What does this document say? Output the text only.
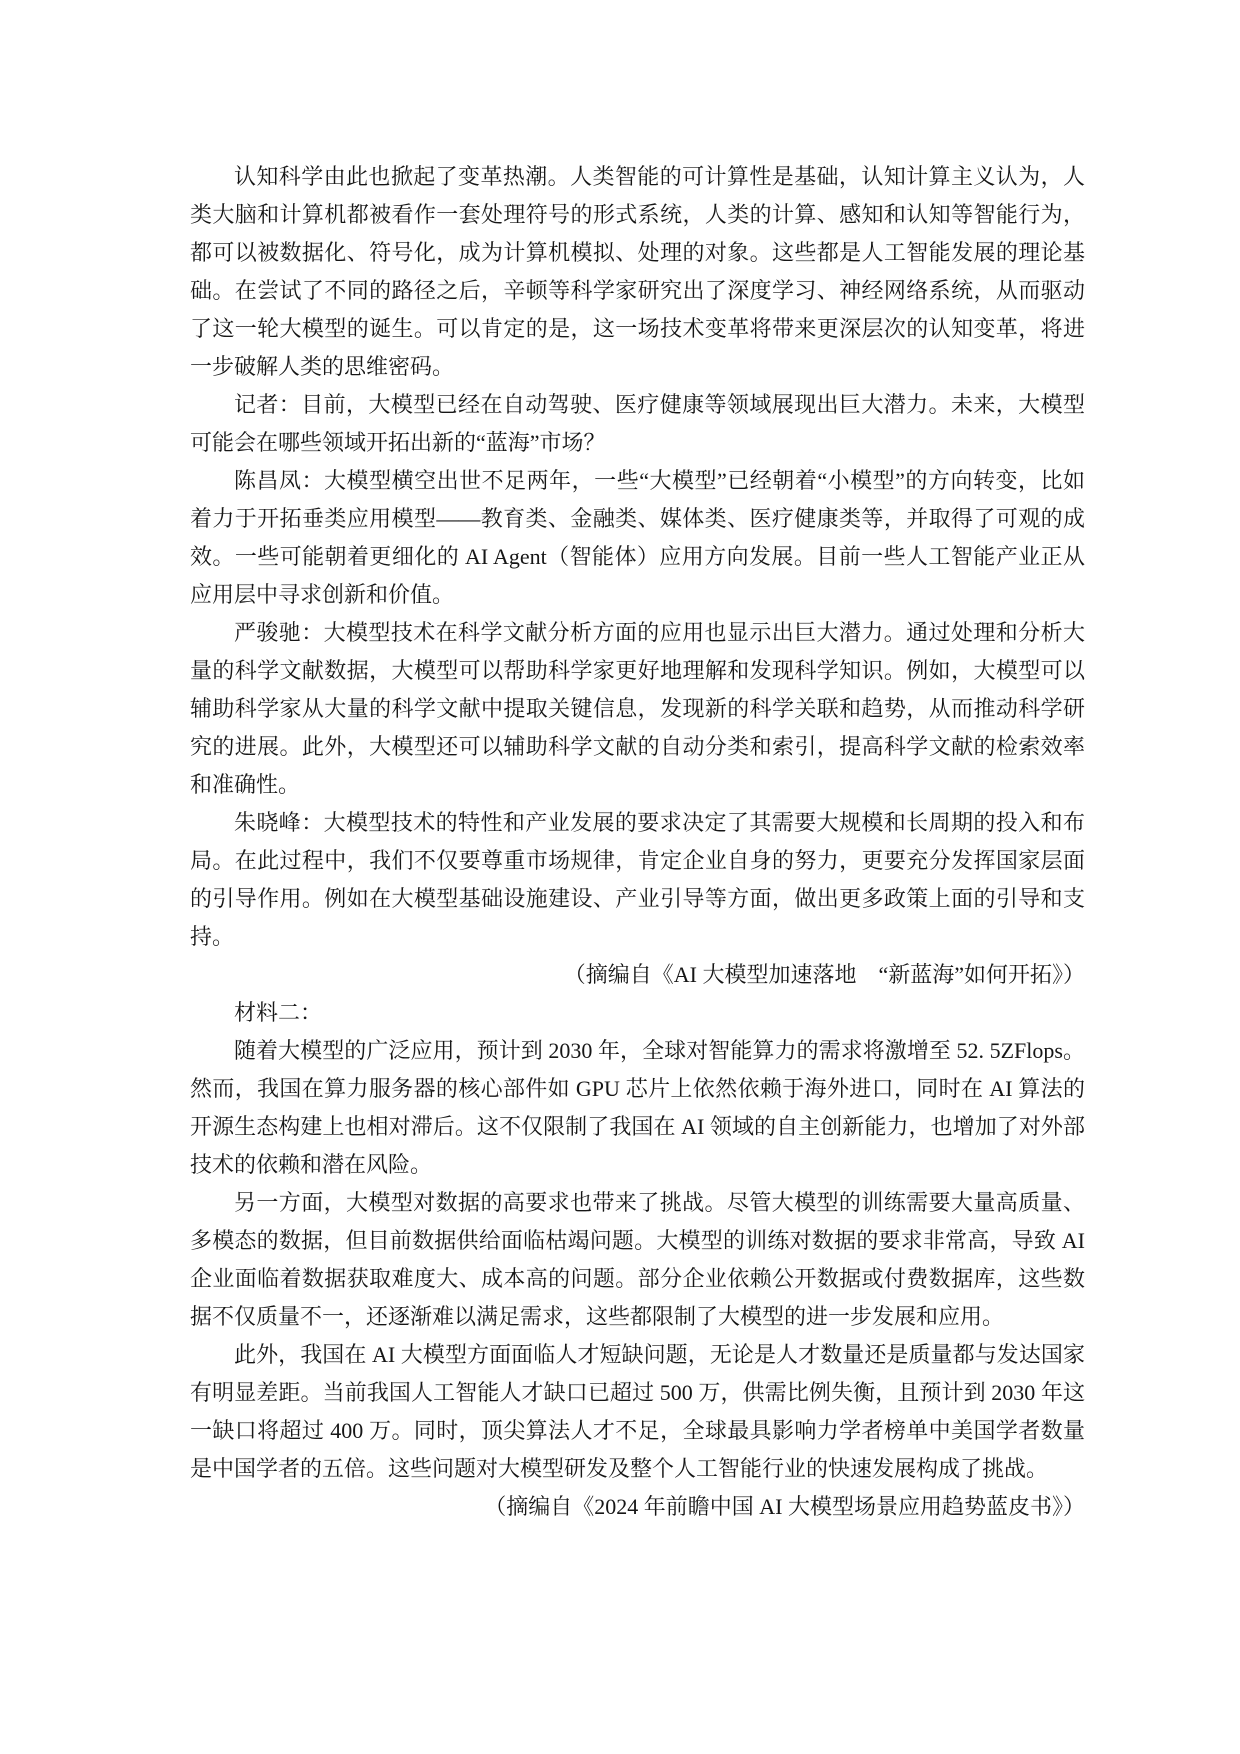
认知科学由此也掀起了变革热潮。人类智能的可计算性是基础，认知计算主义认为，人类大脑和计算机都被看作一套处理符号的形式系统，人类的计算、感知和认知等智能行为，都可以被数据化、符号化，成为计算机模拟、处理的对象。这些都是人工智能发展的理论基础。在尝试了不同的路径之后，辛顿等科学家研究出了深度学习、神经网络系统，从而驱动了这一轮大模型的诞生。可以肯定的是，这一场技术变革将带来更深层次的认知变革，将进一步破解人类的思维密码。

记者：目前，大模型已经在自动驾驶、医疗健康等领域展现出巨大潜力。未来，大模型可能会在哪些领域开拓出新的“蓝海”市场？

陈昌凤：大模型横空出世不足两年，一些“大模型”已经朝着“小模型”的方向转变，比如着力于开拓垂类应用模型——教育类、金融类、媒体类、医疗健康类等，并取得了可观的成效。一些可能朝着更细化的 AI Agent（智能体）应用方向发展。目前一些人工智能产业正从应用层中寻求创新和价值。

严骏驰：大模型技术在科学文献分析方面的应用也显示出巨大潜力。通过处理和分析大量的科学文献数据，大模型可以帮助科学家更好地理解和发现科学知识。例如，大模型可以辅助科学家从大量的科学文献中提取关键信息，发现新的科学关联和趋势，从而推动科学研究的进展。此外，大模型还可以辅助科学文献的自动分类和索引，提高科学文献的检索效率和准确性。

朱晓峰：大模型技术的特性和产业发展的要求决定了其需要大规模和长周期的投入和布局。在此过程中，我们不仅要尊重市场规律，肯定企业自身的努力，更要充分发挥国家层面的引导作用。例如在大模型基础设施建设、产业引导等方面，做出更多政策上面的引导和支持。

（摘编自《AI 大模型加速落地　“新蓝海”如何开拓》）

材料二：

随着大模型的广泛应用，预计到 2030 年，全球对智能算力的需求将激增至 52. 5ZFlops。然而，我国在算力服务器的核心部件如 GPU 芯片上依然依赖于海外进口，同时在 AI 算法的开源生态构建上也相对滞后。这不仅限制了我国在 AI 领域的自主创新能力，也增加了对外部技术的依赖和潜在风险。

另一方面，大模型对数据的高要求也带来了挑战。尽管大模型的训练需要大量高质量、多模态的数据，但目前数据供给面临枯竭问题。大模型的训练对数据的要求非常高，导致 AI 企业面临着数据获取难度大、成本高的问题。部分企业依赖公开数据或付费数据库，这些数据不仅质量不一，还逐渐难以满足需求，这些都限制了大模型的进一步发展和应用。

此外，我国在 AI 大模型方面面临人才短缺问题，无论是人才数量还是质量都与发达国家有明显差距。当前我国人工智能人才缺口已超过 500 万，供需比例失衡，且预计到 2030 年这一缺口将超过 400 万。同时，顶尖算法人才不足，全球最具影响力学者榜单中美国学者数量是中国学者的五倍。这些问题对大模型研发及整个人工智能行业的快速发展构成了挑战。

（摘编自《2024 年前瞻中国 AI 大模型场景应用趋势蓝皮书》）
